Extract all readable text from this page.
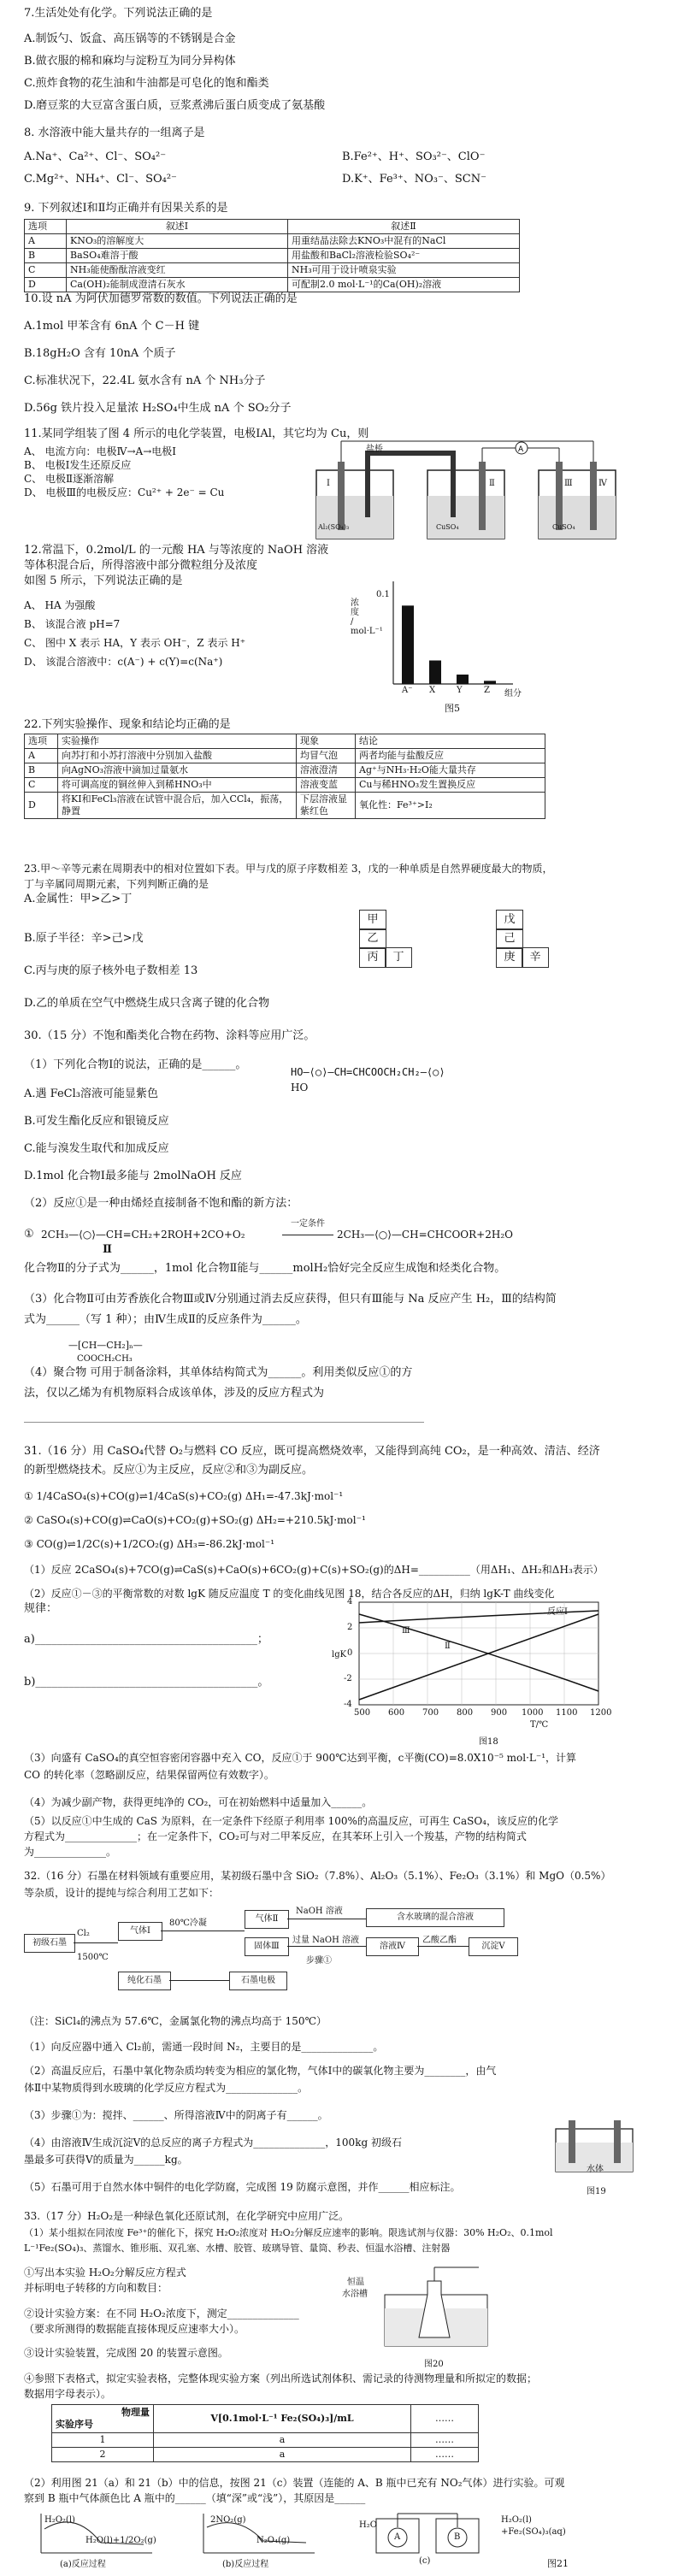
7.生活处处有化学。下列说法正确的是
A.制饭勺、饭盒、高压锅等的不锈钢是合金
B.做衣服的棉和麻均与淀粉互为同分异构体
C.煎炸食物的花生油和牛油都是可皂化的饱和酯类
D.磨豆浆的大豆富含蛋白质，豆浆煮沸后蛋白质变成了氨基酸
8. 水溶液中能大量共存的一组离子是
A.Na⁺、Ca²⁺、Cl⁻、SO₄²⁻	B.Fe²⁺、H⁺、SO₃²⁻、ClO⁻
C.Mg²⁺、NH₄⁺、Cl⁻、SO₄²⁻	D.K⁺、Fe³⁺、NO₃⁻、SCN⁻
9. 下列叙述Ⅰ和Ⅱ均正确并有因果关系的是
选项	叙述Ⅰ	叙述Ⅱ
A	KNO₃的溶解度大	用重结晶法除去KNO₃中混有的NaCl
B	BaSO₄难溶于酸	用盐酸和BaCl₂溶液检验SO₄²⁻
C	NH₃能使酚酞溶液变红	NH₃可用于设计喷泉实验
D	Ca(OH)₂能制成澄清石灰水	可配制2.0 mol·L⁻¹的Ca(OH)₂溶液
10.设 nA 为阿伏加德罗常数的数值。下列说法正确的是
A.1mol 甲苯含有 6nA 个 C－H 键
B.18gH₂O 含有 10nA 个质子
C.标准状况下，22.4L 氨水含有 nA 个 NH₃分子
D.56g 铁片投入足量浓 H₂SO₄中生成 nA 个 SO₂分子
11.某同学组装了图 4 所示的电化学装置，电极ⅠAl，其它均为 Cu，则
A、 电流方向：电极Ⅳ→A→电极Ⅰ
B、 电极Ⅰ发生还原反应
C、 电极Ⅱ逐渐溶解
D、 电极Ⅲ的电极反应：Cu²⁺ + 2e⁻ = Cu
A
盐桥
Ⅰ	Ⅱ	Ⅲ	Ⅳ
Al₂(SO₄)₃	CuSO₄	CuSO₄
12.常温下，0.2mol/L 的一元酸 HA 与等浓度的 NaOH 溶液
等体积混合后，所得溶液中部分微粒组分及浓度
如图 5 所示，下列说法正确的是
A、 HA 为强酸
B、 该混合液 pH=7
C、 图中 X 表示 HA，Y 表示 OH⁻，Z 表示 H⁺
D、 该混合溶液中：c(A⁻) + c(Y)=c(Na⁺)
浓度 / mol·L⁻¹
0.1
A⁻ X Y	Z 组分
图5
22.下列实验操作、现象和结论均正确的是
选项	实验操作	现象	结论
A	向苏打和小苏打溶液中分别加入盐酸	均冒气泡	两者均能与盐酸反应
B	向AgNO₃溶液中滴加过量氨水	溶液澄清	Ag⁺与NH₃·H₂O能大量共存
C	将可调高度的铜丝伸入到稀HNO₃中	溶液变蓝	Cu与稀HNO₃发生置换反应
D	将KI和FeCl₃溶液在试管中混合后，加入CCl₄，振荡，静置	下层溶液显紫红色	氧化性：Fe³⁺>I₂
23.甲～辛等元素在周期表中的相对位置如下表。甲与戊的原子序数相差 3，戊的一种单质是自然界硬度最大的物质，
丁与辛属同周期元素，下列判断正确的是
A.金属性：甲>乙>丁
B.原子半径：辛>己>戊
C.丙与庚的原子核外电子数相差 13
D.乙的单质在空气中燃烧生成只含离子键的化合物
甲
乙
丙	丁
戊
己
庚	辛
30.（15 分）不饱和酯类化合物在药物、涂料等应用广泛。
（1）下列化合物Ⅰ的说法，正确的是______。
HO—⟨○⟩—CH=CHCOOCH₂CH₂—⟨○⟩
HO
A.遇 FeCl₃溶液可能显紫色
B.可发生酯化反应和银镜反应
C.能与溴发生取代和加成反应
D.1mol 化合物Ⅰ最多能与 2molNaOH 反应
（2）反应①是一种由烯烃直接制备不饱和酯的新方法：
① 2CH₃—⟨○⟩—CH=CH₂+2ROH+2CO+O₂
一定条件
2CH₃—⟨○⟩—CH=CHCOOR+2H₂O
Ⅱ
化合物Ⅱ的分子式为______，1mol 化合物Ⅱ能与______molH₂恰好完全反应生成饱和烃类化合物。
（3）化合物Ⅱ可由芳香族化合物Ⅲ或Ⅳ分别通过消去反应获得，但只有Ⅲ能与 Na 反应产生 H₂，Ⅲ的结构简
式为______（写 1 种）；由Ⅳ生成Ⅱ的反应条件为______。
—[CH—CH₂]ₙ—
COOCH₂CH₃
（4）聚合物 可用于制备涂料，其单体结构简式为______。利用类似反应①的方
法，仅以乙烯为有机物原料合成该单体，涉及的反应方程式为
________________________________________________________________________
31.（16 分）用 CaSO₄代替 O₂与燃料 CO 反应，既可提高燃烧效率，又能得到高纯 CO₂，是一种高效、清洁、经济
的新型燃烧技术。反应①为主反应，反应②和③为副反应。
① 1/4CaSO₄(s)+CO(g)⇌1/4CaS(s)+CO₂(g) ΔH₁=-47.3kJ·mol⁻¹
② CaSO₄(s)+CO(g)⇌CaO(s)+CO₂(g)+SO₂(g) ΔH₂=+210.5kJ·mol⁻¹
③ CO(g)⇌1/2C(s)+1/2CO₂(g) ΔH₃=-86.2kJ·mol⁻¹
（1）反应 2CaSO₄(s)+7CO(g)⇌CaS(s)+CaO(s)+6CO₂(g)+C(s)+SO₂(g)的ΔH=__________（用ΔH₁、ΔH₂和ΔH₃表示）
（2）反应①－③的平衡常数的对数 lgK 随反应温度 T 的变化曲线见图 18，结合各反应的ΔH，归纳 lgK-T 曲线变化
规律：
a)________________________________________；
b)________________________________________。
lgK
4
2
0
-2
-4
500 600 700 800 900 1000 1100 1200
T/℃
反应Ⅰ
Ⅱ
Ⅲ
图18
（3）向盛有 CaSO₄的真空恒容密闭容器中充入 CO，反应①于 900℃达到平衡，c平衡(CO)=8.0X10⁻⁵ mol·L⁻¹，计算
CO 的转化率（忽略副反应，结果保留两位有效数字）。
（4）为减少副产物，获得更纯净的 CO₂，可在初始燃料中适量加入______。
（5）以反应①中生成的 CaS 为原料，在一定条件下经原子利用率 100%的高温反应，可再生 CaSO₄，该反应的化学
方程式为______________；在一定条件下，CO₂可与对二甲苯反应，在其苯环上引入一个羧基，产物的结构简式
为______________。
32.（16 分）石墨在材料领域有重要应用，某初级石墨中含 SiO₂（7.8%）、Al₂O₃（5.1%）、Fe₂O₃（3.1%）和 MgO（0.5%）
等杂质，设计的提纯与综合利用工艺如下：
初级石墨
Cl₂
1500℃
气体Ⅰ
80℃冷凝	气体Ⅱ
NaOH 溶液
含水玻璃的混合溶液
固体Ⅲ
过量 NaOH 溶液
步骤①
溶液Ⅳ
乙酸乙酯
沉淀Ⅴ
纯化石墨	石墨电极
（注：SiCl₄的沸点为 57.6℃，金属氯化物的沸点均高于 150℃）
（1）向反应器中通入 Cl₂前，需通一段时间 N₂，主要目的是______________。
（2）高温反应后，石墨中氧化物杂质均转变为相应的氯化物，气体Ⅰ中的碳氧化物主要为________，由气
体Ⅱ中某物质得到水玻璃的化学反应方程式为______________。
（3）步骤①为：搅拌、______、所得溶液Ⅳ中的阴离子有______。
（4）由溶液Ⅳ生成沉淀Ⅴ的总反应的离子方程式为______________，100kg 初级石
墨最多可获得Ⅴ的质量为______kg。
（5）石墨可用于自然水体中铜件的电化学防腐，完成图 19 防腐示意图，并作______相应标注。
水体
图19
33.（17 分）H₂O₂是一种绿色氧化还原试剂，在化学研究中应用广泛。
（1）某小组拟在同浓度 Fe³⁺的催化下，探究 H₂O₂浓度对 H₂O₂分解反应速率的影响。限选试剂与仪器：30% H₂O₂、0.1mol
L⁻¹Fe₂(SO₄)₃、蒸馏水、锥形瓶、双孔塞、水槽、胶管、玻璃导管、量筒、秒表、恒温水浴槽、注射器
①写出本实验 H₂O₂分解反应方程式
并标明电子转移的方向和数目：
②设计实验方案：在不同 H₂O₂浓度下，测定______________
（要求所测得的数据能直接体现反应速率大小）。
③设计实验装置，完成图 20 的装置示意图。
④参照下表格式，拟定实验表格，完整体现实验方案（列出所选试剂体积、需记录的待测物理量和所拟定的数据；
数据用字母表示）。
恒温
水浴槽
图20
物理量
实验序号	V[0.1mol·L⁻¹ Fe₂(SO₄)₃]/mL	……
1	a	……
2	a	……
（2）利用图 21（a）和 21（b）中的信息，按图 21（c）装置（连能的 A、B 瓶中已充有 NO₂气体）进行实验。可观
察到 B 瓶中气体颜色比 A 瓶中的______（填“深”或“浅”），其原因是______
H₂O₂(l)
H₂O(l)+1/2O₂(g)
(a)反应过程
2NO₂(g)
N₂O₄(g)
(b)反应过程
H₂O
A	B
H₂O₂(l)
+Fe₂(SO₄)₃(aq)
(c)	图21
